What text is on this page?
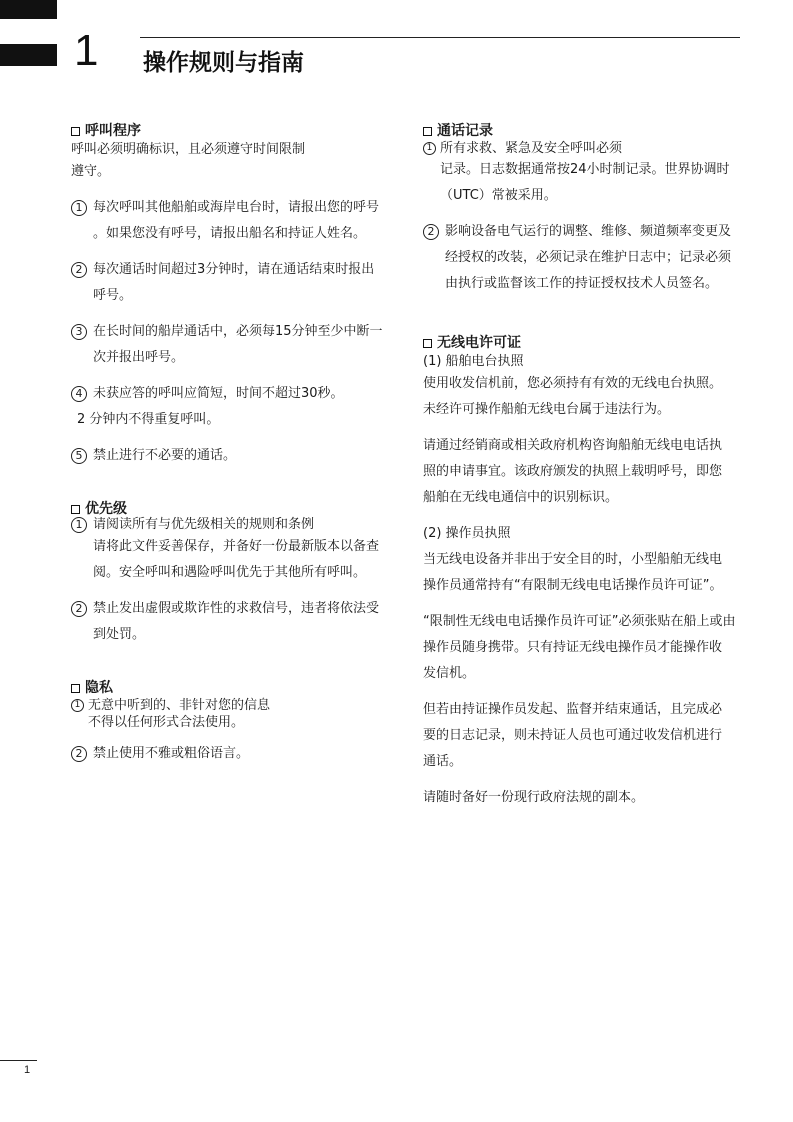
1 操作规则与指南
呼叫程序

呼叫必须明确标识，且必须遵守时间限制

遵守。

1 每次呼叫其他船舶或海岸电台时，请报出您的呼号
。如果您没有呼号，请报出船名和持证人姓名。
2 每次通话时间超过3分钟时，请在通话结束时报出
呼号。
3 在长时间的船岸通话中，必须每15分钟至少中断一
次并报出呼号。
4 未获应答的呼叫应简短，时间不超过30秒。
2 分钟内不得重复呼叫。
5 禁止进行不必要的通话。
优先级
1 请阅读所有与优先级相关的规则和条例
请将此文件妥善保存，并备好一份最新版本以备查
阅。安全呼叫和遇险呼叫优先于其他所有呼叫。
2 禁止发出虚假或欺诈性的求救信号，违者将依法受
到处罚。
隐私
1 无意中听到的、非针对您的信息
不得以任何形式合法使用。
2 禁止使用不雅或粗俗语言。
通话记录
1 所有求救、紧急及安全呼叫必须
记录。日志数据通常按24小时制记录。世界协调时
（UTC）常被采用。
2 影响设备电气运行的调整、维修、频道频率变更及
经授权的改装，必须记录在维护日志中；记录必须
由执行或监督该工作的持证授权技术人员签名。
无线电许可证

(1) 船舶电台执照

使用收发信机前，您必须持有有效的无线电台执照。

未经许可操作船舶无线电台属于违法行为。

请通过经销商或相关政府机构咨询船舶无线电电话执

照的申请事宜。该政府颁发的执照上载明呼号，即您

船舶在无线电通信中的识别标识。

(2) 操作员执照

当无线电设备并非出于安全目的时，小型船舶无线电

操作员通常持有“有限制无线电电话操作员许可证”。

“限制性无线电电话操作员许可证”必须张贴在船上或由

操作员随身携带。只有持证无线电操作员才能操作收

发信机。

但若由持证操作员发起、监督并结束通话，且完成必

要的日志记录，则未持证人员也可通过收发信机进行

通话。

请随时备好一份现行政府法规的副本。

1
